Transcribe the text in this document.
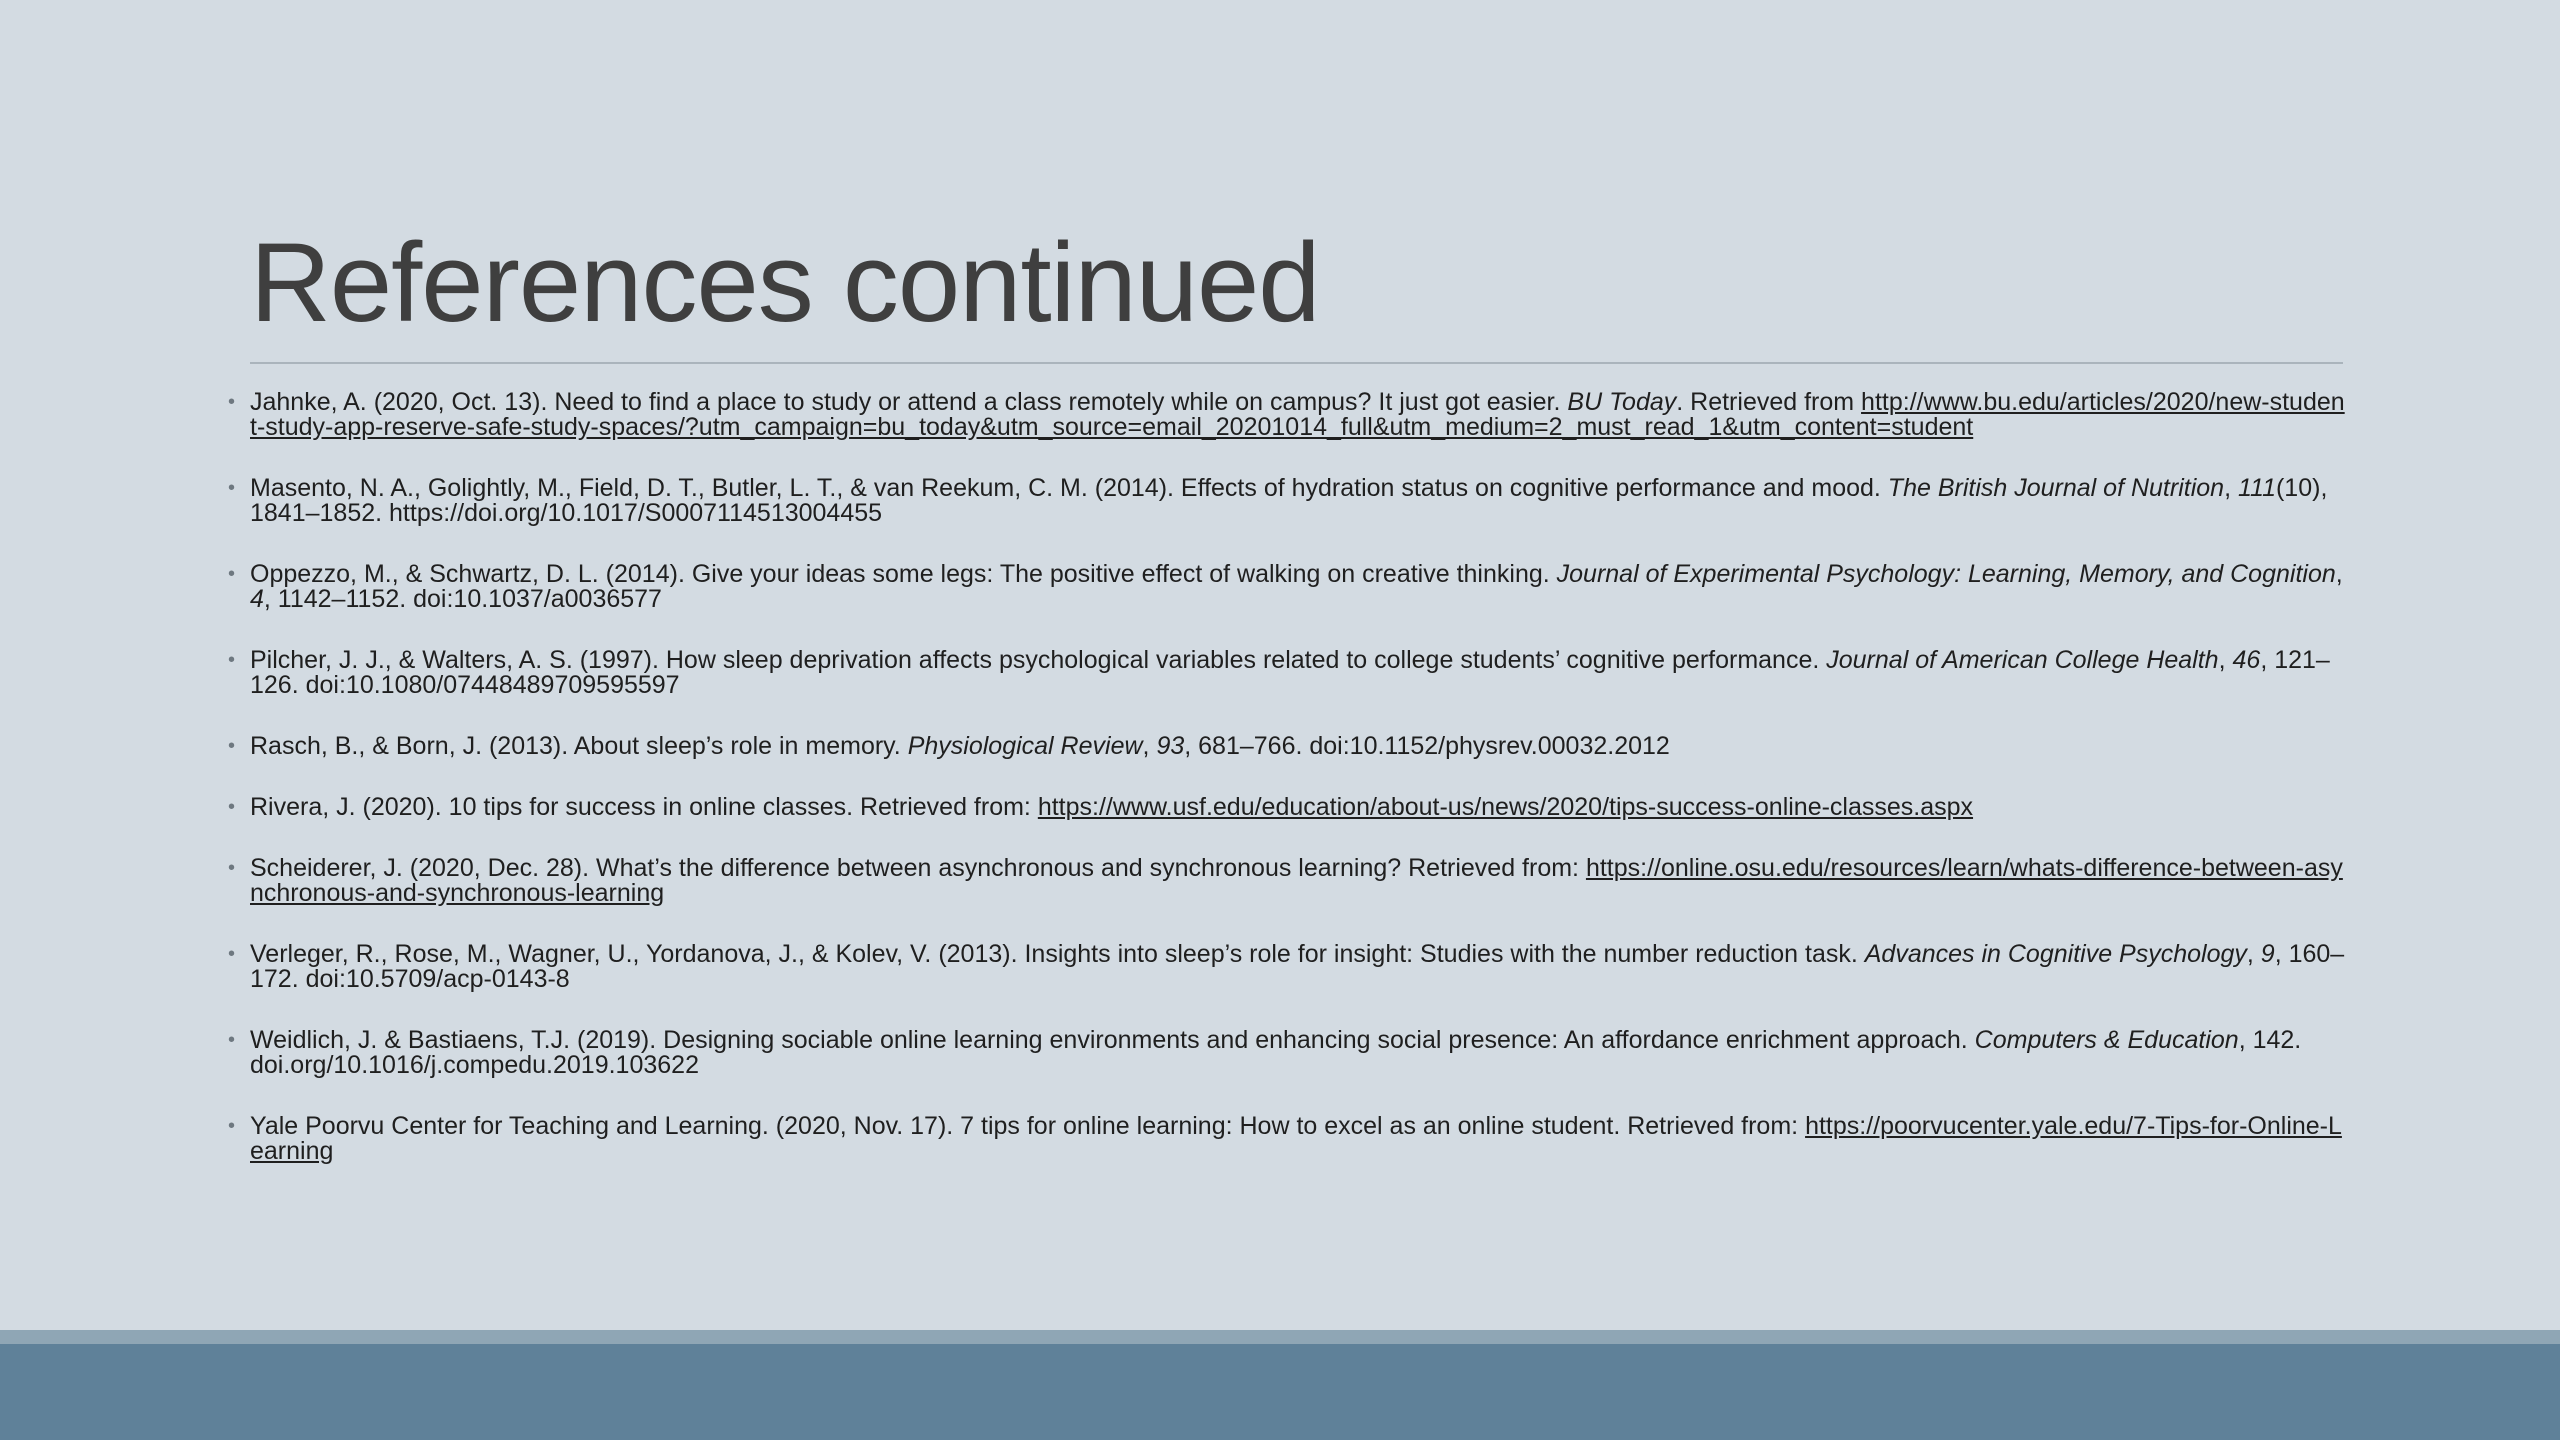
References continued
• Jahnke, A. (2020, Oct. 13). Need to find a place to study or attend a class remotely while on campus? It just got easier. BU Today. Retrieved from http://www.bu.edu/articles/2020/new-student-study-app-reserve-safe-study-spaces/?utm_campaign=bu_today&utm_source=email_20201014_full&utm_medium=2_must_read_1&utm_content=student
• Masento, N. A., Golightly, M., Field, D. T., Butler, L. T., & van Reekum, C. M. (2014). Effects of hydration status on cognitive performance and mood. The British Journal of Nutrition, 111(10), 1841–1852. https://doi.org/10.1017/S0007114513004455
• Oppezzo, M., & Schwartz, D. L. (2014). Give your ideas some legs: The positive effect of walking on creative thinking. Journal of Experimental Psychology: Learning, Memory, and Cognition, 4, 1142–1152. doi:10.1037/a0036577
• Pilcher, J. J., & Walters, A. S. (1997). How sleep deprivation affects psychological variables related to college students’ cognitive performance. Journal of American College Health, 46, 121–126. doi:10.1080/07448489709595597
• Rasch, B., & Born, J. (2013). About sleep’s role in memory. Physiological Review, 93, 681–766. doi:10.1152/physrev.00032.2012
• Rivera, J. (2020). 10 tips for success in online classes. Retrieved from: https://www.usf.edu/education/about-us/news/2020/tips-success-online-classes.aspx
• Scheiderer, J. (2020, Dec. 28). What’s the difference between asynchronous and synchronous learning? Retrieved from: https://online.osu.edu/resources/learn/whats-difference-between-asynchronous-and-synchronous-learning
• Verleger, R., Rose, M., Wagner, U., Yordanova, J., & Kolev, V. (2013). Insights into sleep’s role for insight: Studies with the number reduction task. Advances in Cognitive Psychology, 9, 160–172. doi:10.5709/acp-0143-8
• Weidlich, J. & Bastiaens, T.J. (2019). Designing sociable online learning environments and enhancing social presence: An affordance enrichment approach. Computers & Education, 142. doi.org/10.1016/j.compedu.2019.103622
• Yale Poorvu Center for Teaching and Learning. (2020, Nov. 17). 7 tips for online learning: How to excel as an online student. Retrieved from: https://poorvucenter.yale.edu/7-Tips-for-Online-Learning
